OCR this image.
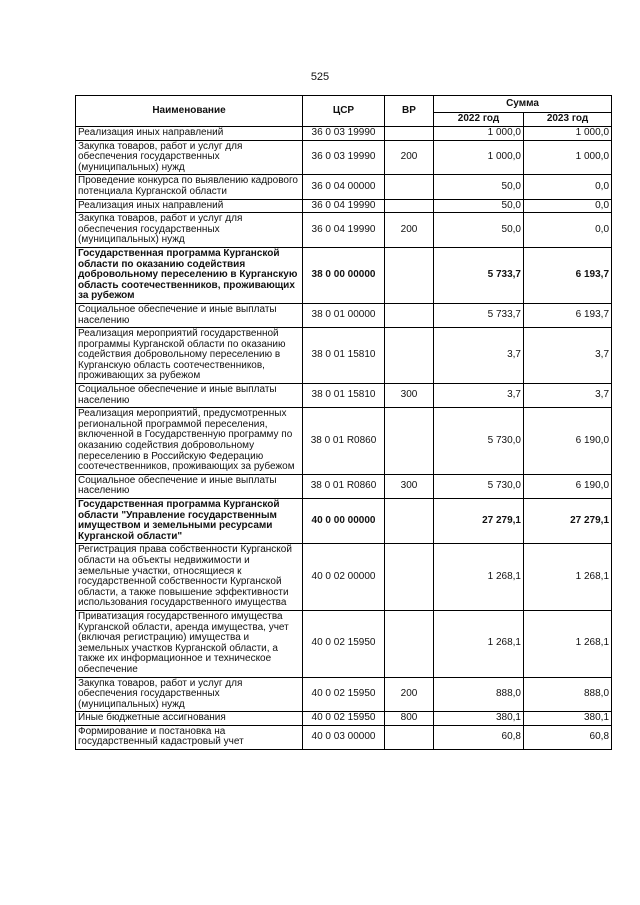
525
Наименование	ЦСР	ВР	Сумма	
			2022 год	2023 год
Реализация иных направлений	36 0 03 19990		1 000,0	1 000,0
Закупка товаров, работ и услуг для обеспечения государственных (муниципальных) нужд	36 0 03 19990	200	1 000,0	1 000,0
Проведение конкурса по выявлению кадрового потенциала Курганской области	36 0 04 00000		50,0	0,0
Реализация иных направлений	36 0 04 19990		50,0	0,0
Закупка товаров, работ и услуг для обеспечения государственных (муниципальных) нужд	36 0 04 19990	200	50,0	0,0
Государственная программа Курганской области по оказанию содействия добровольному переселению в Курганскую область соотечественников, проживающих за рубежом	38 0 00 00000		5 733,7	6 193,7
Социальное обеспечение и иные выплаты населению	38 0 01 00000		5 733,7	6 193,7
Реализация мероприятий государственной программы Курганской области по оказанию содействия добровольному переселению в Курганскую область соотечественников, проживающих за рубежом	38 0 01 15810		3,7	3,7
Социальное обеспечение и иные выплаты населению	38 0 01 15810	300	3,7	3,7
Реализация мероприятий, предусмотренных региональной программой переселения, включенной в Государственную программу по оказанию содействия добровольному переселению в Российскую Федерацию соотечественников, проживающих за рубежом	38 0 01 R0860		5 730,0	6 190,0
Социальное обеспечение и иные выплаты населению	38 0 01 R0860	300	5 730,0	6 190,0
Государственная программа Курганской области "Управление государственным имуществом и земельными ресурсами Курганской области"	40 0 00 00000		27 279,1	27 279,1
Регистрация права собственности Курганской области на объекты недвижимости и земельные участки, относящиеся к государственной собственности Курганской области, а также повышение эффективности использования государственного имущества	40 0 02 00000		1 268,1	1 268,1
Приватизация государственного имущества Курганской области, аренда имущества, учет (включая регистрацию) имущества и земельных участков Курганской области, а также их информационное и техническое обеспечение	40 0 02 15950		1 268,1	1 268,1
Закупка товаров, работ и услуг для обеспечения государственных (муниципальных) нужд	40 0 02 15950	200	888,0	888,0
Иные бюджетные ассигнования	40 0 02 15950	800	380,1	380,1
Формирование и постановка на государственный кадастровый учет	40 0 03 00000		60,8	60,8
